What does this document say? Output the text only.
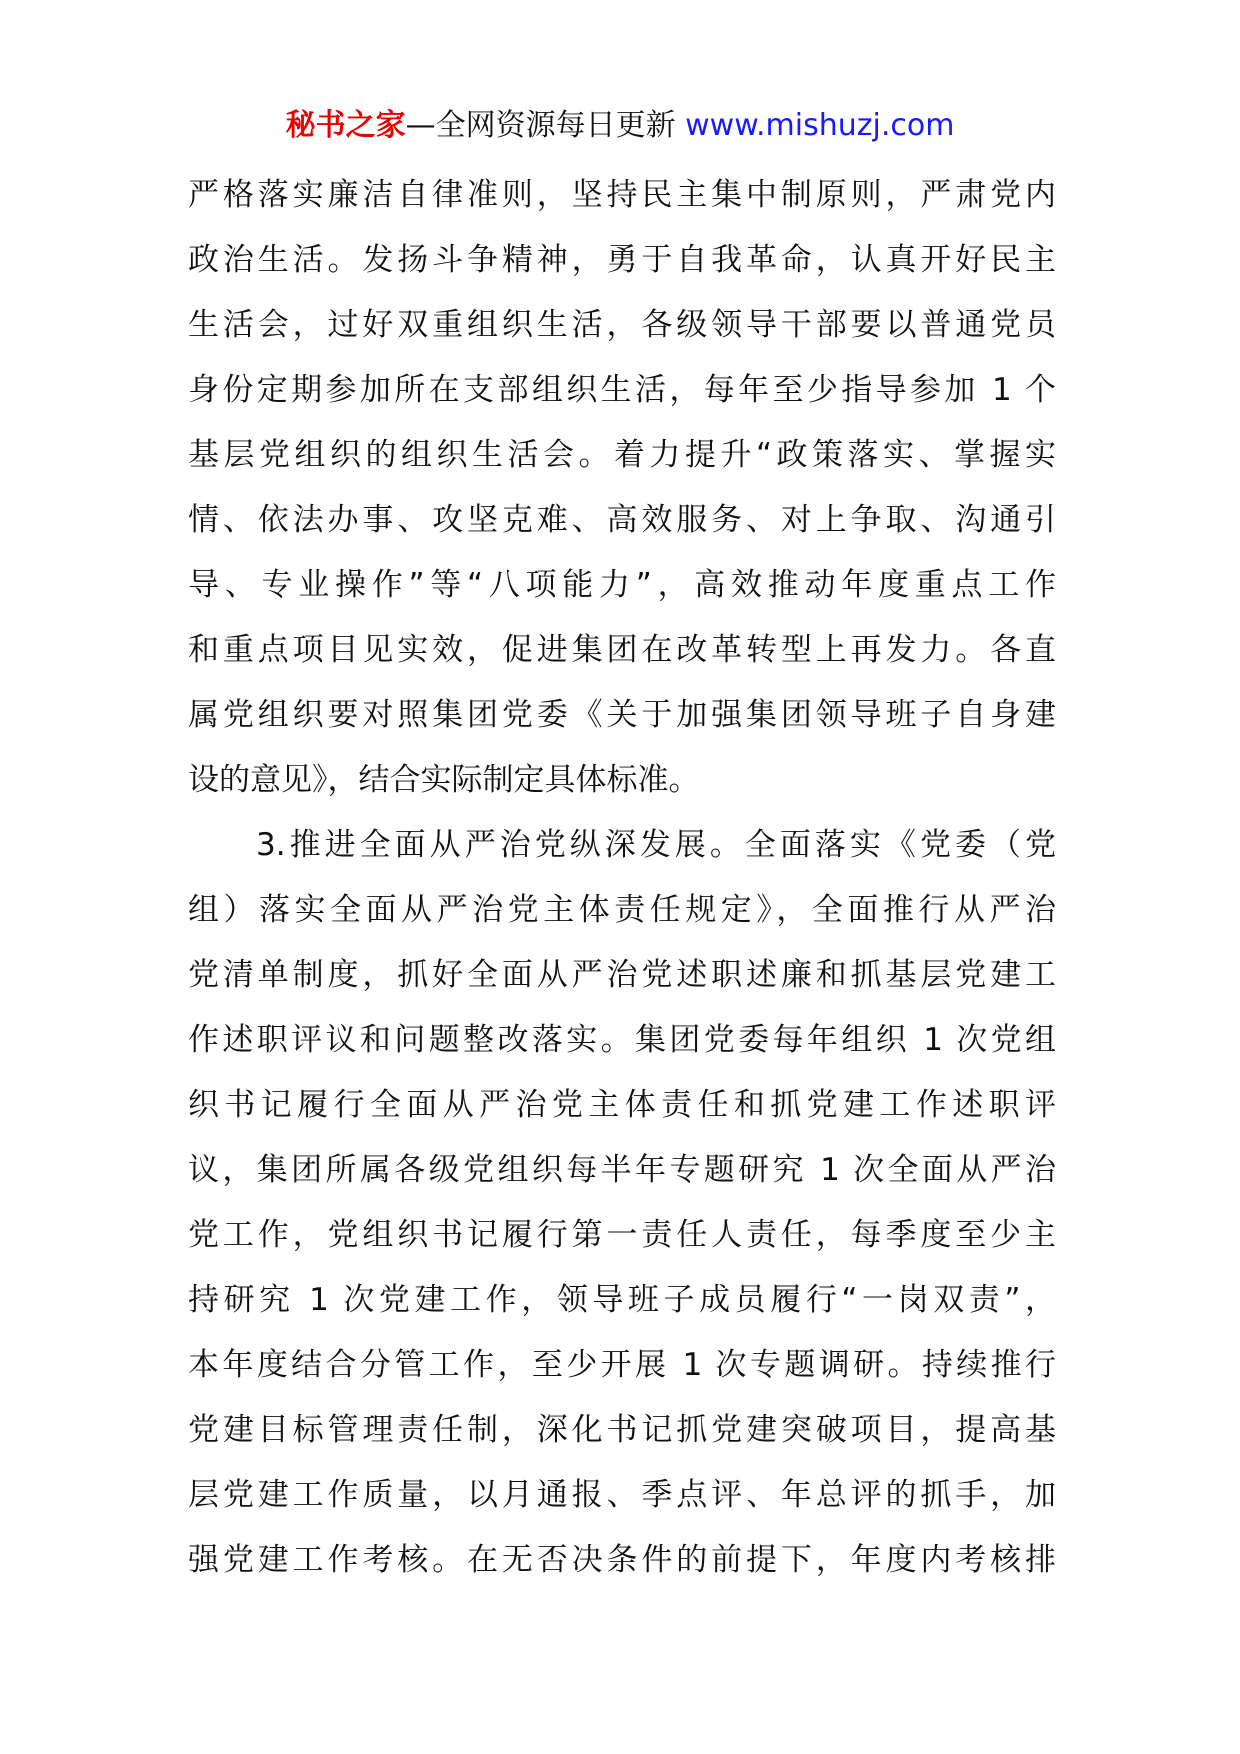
秘书之家—全网资源每日更新 www.mishuzj.com
严格落实廉洁自律准则，坚持民主集中制原则，严肃党内
政治生活。发扬斗争精神，勇于自我革命，认真开好民主
生活会，过好双重组织生活，各级领导干部要以普通党员
身份定期参加所在支部组织生活，每年至少指导参加 1 个
基层党组织的组织生活会。着力提升“政策落实、掌握实
情、依法办事、攻坚克难、高效服务、对上争取、沟通引
导、专业操作”等“八项能力”，高效推动年度重点工作
和重点项目见实效，促进集团在改革转型上再发力。各直
属党组织要对照集团党委《关于加强集团领导班子自身建
设的意见》，结合实际制定具体标准。
3.推进全面从严治党纵深发展。全面落实《党委（党
组）落实全面从严治党主体责任规定》，全面推行从严治
党清单制度，抓好全面从严治党述职述廉和抓基层党建工
作述职评议和问题整改落实。集团党委每年组织 1 次党组
织书记履行全面从严治党主体责任和抓党建工作述职评
议，集团所属各级党组织每半年专题研究 1 次全面从严治
党工作，党组织书记履行第一责任人责任，每季度至少主
持研究 1 次党建工作，领导班子成员履行“一岗双责”，
本年度结合分管工作，至少开展 1 次专题调研。持续推行
党建目标管理责任制，深化书记抓党建突破项目，提高基
层党建工作质量，以月通报、季点评、年总评的抓手，加
强党建工作考核。在无否决条件的前提下，年度内考核排
